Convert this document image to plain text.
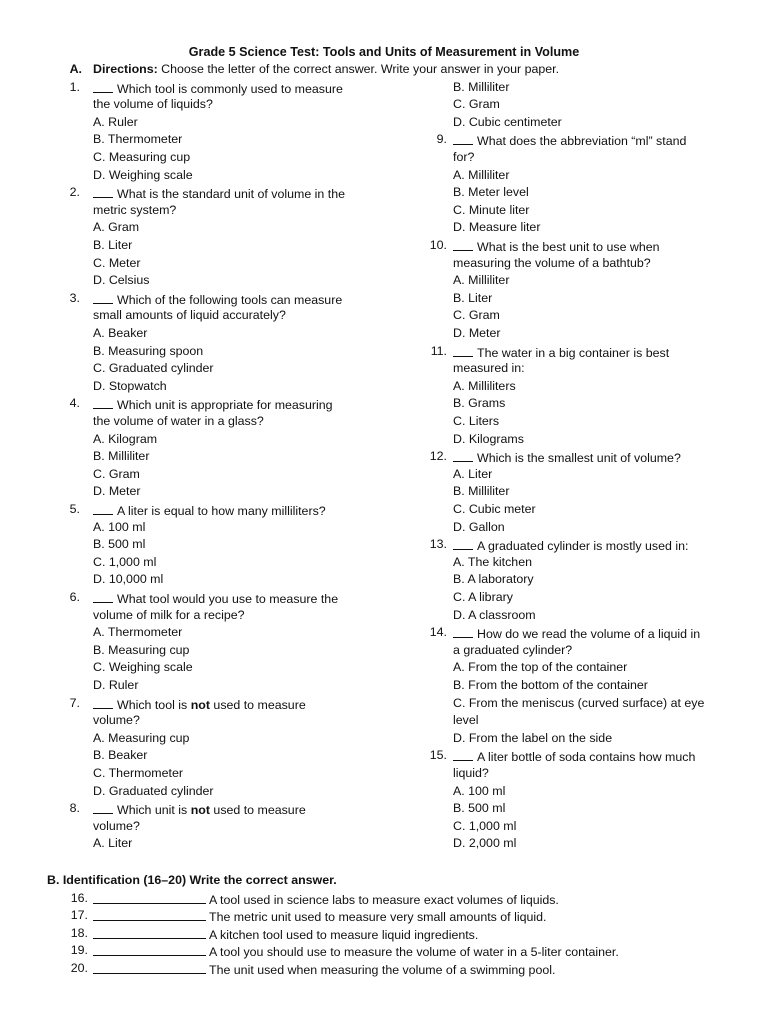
Grade 5 Science Test: Tools and Units of Measurement in Volume
A. Directions: Choose the letter of the correct answer. Write your answer in your paper.
1.	Which tool is commonly used to measure
the volume of liquids?
A. Ruler
B. Thermometer
C. Measuring cup
D. Weighing scale
2.	What is the standard unit of volume in the
metric system?
A. Gram
B. Liter
C. Meter
D. Celsius
3.	Which of the following tools can measure
small amounts of liquid accurately?
A. Beaker
B. Measuring spoon
C. Graduated cylinder
D. Stopwatch
4.	Which unit is appropriate for measuring
the volume of water in a glass?
A. Kilogram
B. Milliliter
C. Gram
D. Meter
5.	A liter is equal to how many milliliters?
A. 100 ml
B. 500 ml
C. 1,000 ml
D. 10,000 ml
6.	What tool would you use to measure the
volume of milk for a recipe?
A. Thermometer
B. Measuring cup
C. Weighing scale
D. Ruler
7.	Which tool is not used to measure
volume?
A. Measuring cup
B. Beaker
C. Thermometer
D. Graduated cylinder
8.	Which unit is not used to measure
volume?
A. Liter
B. Milliliter
C. Gram
D. Cubic centimeter
9.	What does the abbreviation “ml” stand
for?
A. Milliliter
B. Meter level
C. Minute liter
D. Measure liter
10.	What is the best unit to use when
measuring the volume of a bathtub?
A. Milliliter
B. Liter
C. Gram
D. Meter
11.	The water in a big container is best
measured in:
A. Milliliters
B. Grams
C. Liters
D. Kilograms
12.	Which is the smallest unit of volume?
A. Liter
B. Milliliter
C. Cubic meter
D. Gallon
13.	A graduated cylinder is mostly used in:
A. The kitchen
B. A laboratory
C. A library
D. A classroom
14.	How do we read the volume of a liquid in
a graduated cylinder?
A. From the top of the container
B. From the bottom of the container
C. From the meniscus (curved surface) at eye
level
D. From the label on the side
15.	A liter bottle of soda contains how much
liquid?
A. 100 ml
B. 500 ml
C. 1,000 ml
D. 2,000 ml
B. Identification (16–20) Write the correct answer.
16.	A tool used in science labs to measure exact volumes of liquids.
17.	The metric unit used to measure very small amounts of liquid.
18.	A kitchen tool used to measure liquid ingredients.
19.	A tool you should use to measure the volume of water in a 5-liter container.
20.	The unit used when measuring the volume of a swimming pool.
